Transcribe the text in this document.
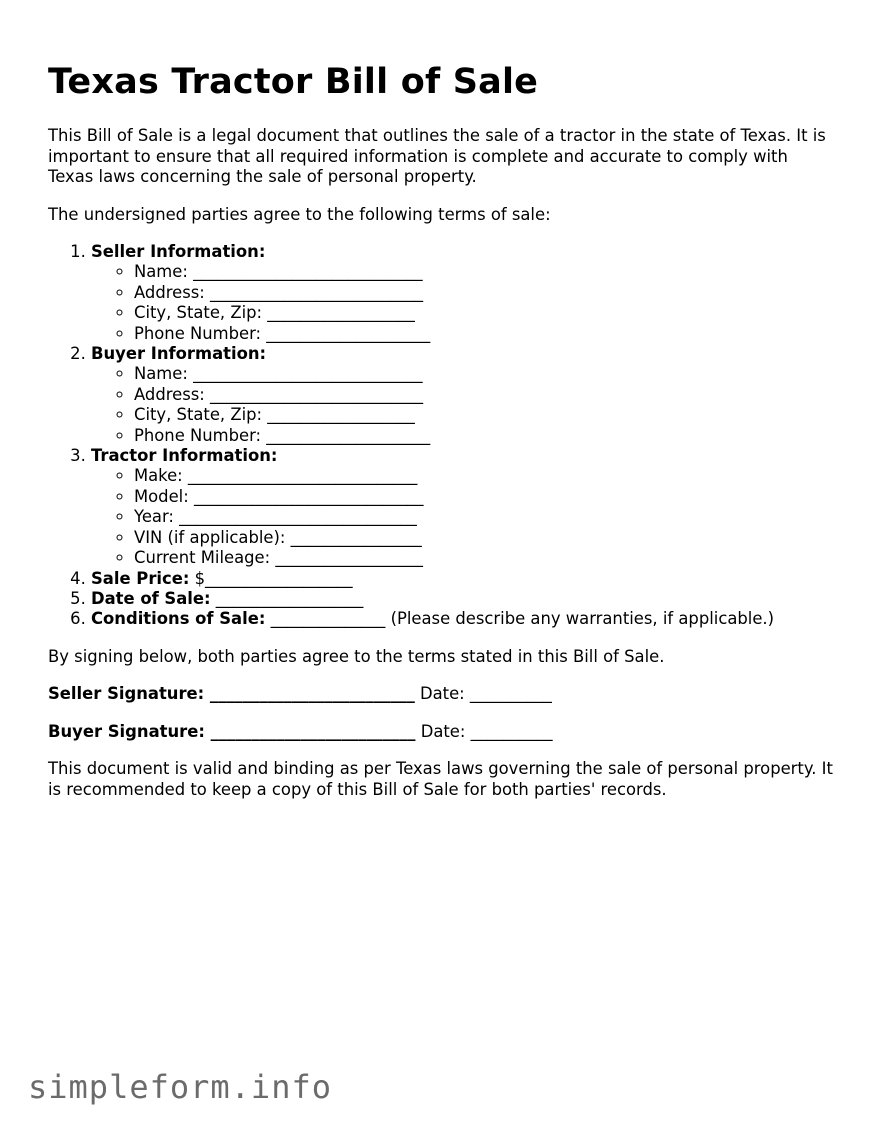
Texas Tractor Bill of Sale

This Bill of Sale is a legal document that outlines the sale of a tractor in the state of Texas. It is important to ensure that all required information is complete and accurate to comply with Texas laws concerning the sale of personal property.

The undersigned parties agree to the following terms of sale:

1. Seller Information:
◦ Name: ____________________________
◦ Address: __________________________
◦ City, State, Zip: __________________
◦ Phone Number: ____________________
2. Buyer Information:
◦ Name: ____________________________
◦ Address: __________________________
◦ City, State, Zip: __________________
◦ Phone Number: ____________________
3. Tractor Information:
◦ Make: ____________________________
◦ Model: ____________________________
◦ Year: _____________________________
◦ VIN (if applicable): ________________
◦ Current Mileage: __________________
4. Sale Price: $__________________
5. Date of Sale: __________________
6. Conditions of Sale: ______________ (Please describe any warranties, if applicable.)

By signing below, both parties agree to the terms stated in this Bill of Sale.

Seller Signature: _________________________ Date: __________
Buyer Signature: _________________________ Date: __________

This document is valid and binding as per Texas laws governing the sale of personal property. It is recommended to keep a copy of this Bill of Sale for both parties' records.

simpleform.info
